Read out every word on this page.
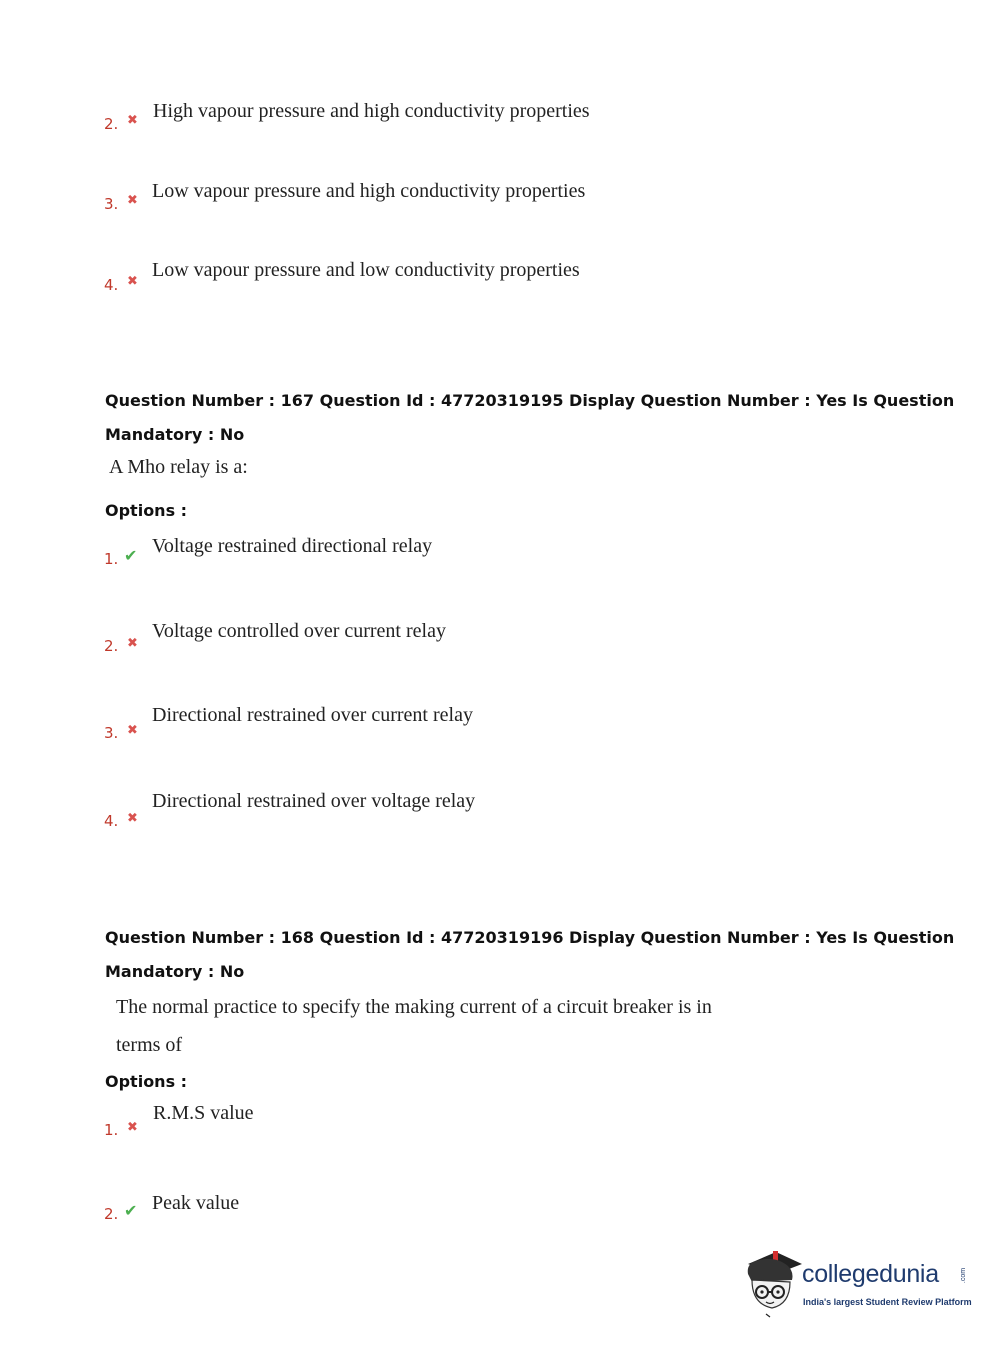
2. ✖ High vapour pressure and high conductivity properties
3. ✖ Low vapour pressure and high conductivity properties
4. ✖
Low vapour pressure and low conductivity properties
Question Number : 167 Question Id : 47720319195 Display Question Number : Yes Is Question
Mandatory : No
A Mho relay is a:
Options :
1. ✔ Voltage restrained directional relay
2. ✖
Voltage controlled over current relay
3. ✖
Directional restrained over current relay
4. ✖
Directional restrained over voltage relay
Question Number : 168 Question Id : 47720319196 Display Question Number : Yes Is Question
Mandatory : No
The normal practice to specify the making current of a circuit breaker is in
terms of
Options :
1. ✖
R.M.S value
2. ✔ Peak value
collegedunia	.com
India's largest Student Review Platform
